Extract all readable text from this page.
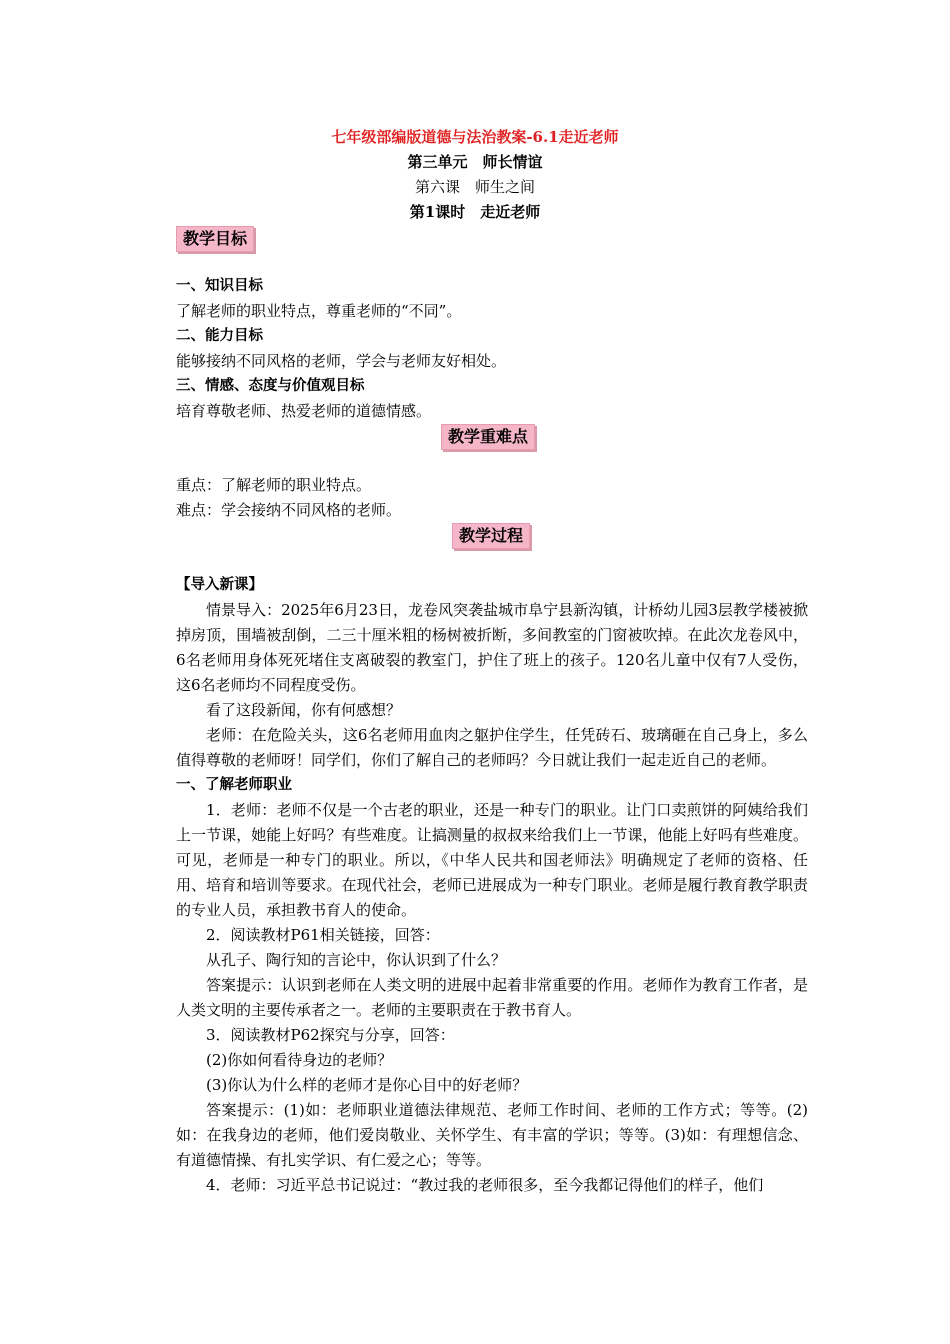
七年级部编版道德与法治教案-6.1走近老师
第三单元　师长情谊
第六课　师生之间
第1课时　走近老师
教学目标

一、知识目标

了解老师的职业特点，尊重老师的“不同”。

二、能力目标

能够接纳不同风格的老师，学会与老师友好相处。

三、情感、态度与价值观目标

培育尊敬老师、热爱老师的道德情感。

教学重难点

重点：了解老师的职业特点。

难点：学会接纳不同风格的老师。

教学过程

【导入新课】

情景导入：2025年6月23日，龙卷风突袭盐城市阜宁县新沟镇，计桥幼儿园3层教学楼被掀掉房顶，围墙被刮倒，二三十厘米粗的杨树被折断，多间教室的门窗被吹掉。在此次龙卷风中，6名老师用身体死死堵住支离破裂的教室门，护住了班上的孩子。120名儿童中仅有7人受伤，这6名老师均不同程度受伤。

看了这段新闻，你有何感想？

老师：在危险关头，这6名老师用血肉之躯护住学生，任凭砖石、玻璃砸在自己身上，多么值得尊敬的老师呀！同学们，你们了解自己的老师吗？今日就让我们一起走近自己的老师。

一、了解老师职业

1．老师：老师不仅是一个古老的职业，还是一种专门的职业。让门口卖煎饼的阿姨给我们上一节课，她能上好吗？有些难度。让搞测量的叔叔来给我们上一节课，他能上好吗有些难度。可见，老师是一种专门的职业。所以，《中华人民共和国老师法》明确规定了老师的资格、任用、培育和培训等要求。在现代社会，老师已进展成为一种专门职业。老师是履行教育教学职责的专业人员，承担教书育人的使命。

2．阅读教材P61相关链接，回答：

从孔子、陶行知的言论中，你认识到了什么？

答案提示：认识到老师在人类文明的进展中起着非常重要的作用。老师作为教育工作者，是人类文明的主要传承者之一。老师的主要职责在于教书育人。

3．阅读教材P62探究与分享，回答：

(2)你如何看待身边的老师？

(3)你认为什么样的老师才是你心目中的好老师？

答案提示：(1)如：老师职业道德法律规范、老师工作时间、老师的工作方式；等等。(2)如：在我身边的老师，他们爱岗敬业、关怀学生、有丰富的学识；等等。(3)如：有理想信念、有道德情操、有扎实学识、有仁爱之心；等等。

4．老师：习近平总书记说过：“教过我的老师很多，至今我都记得他们的样子，他们
